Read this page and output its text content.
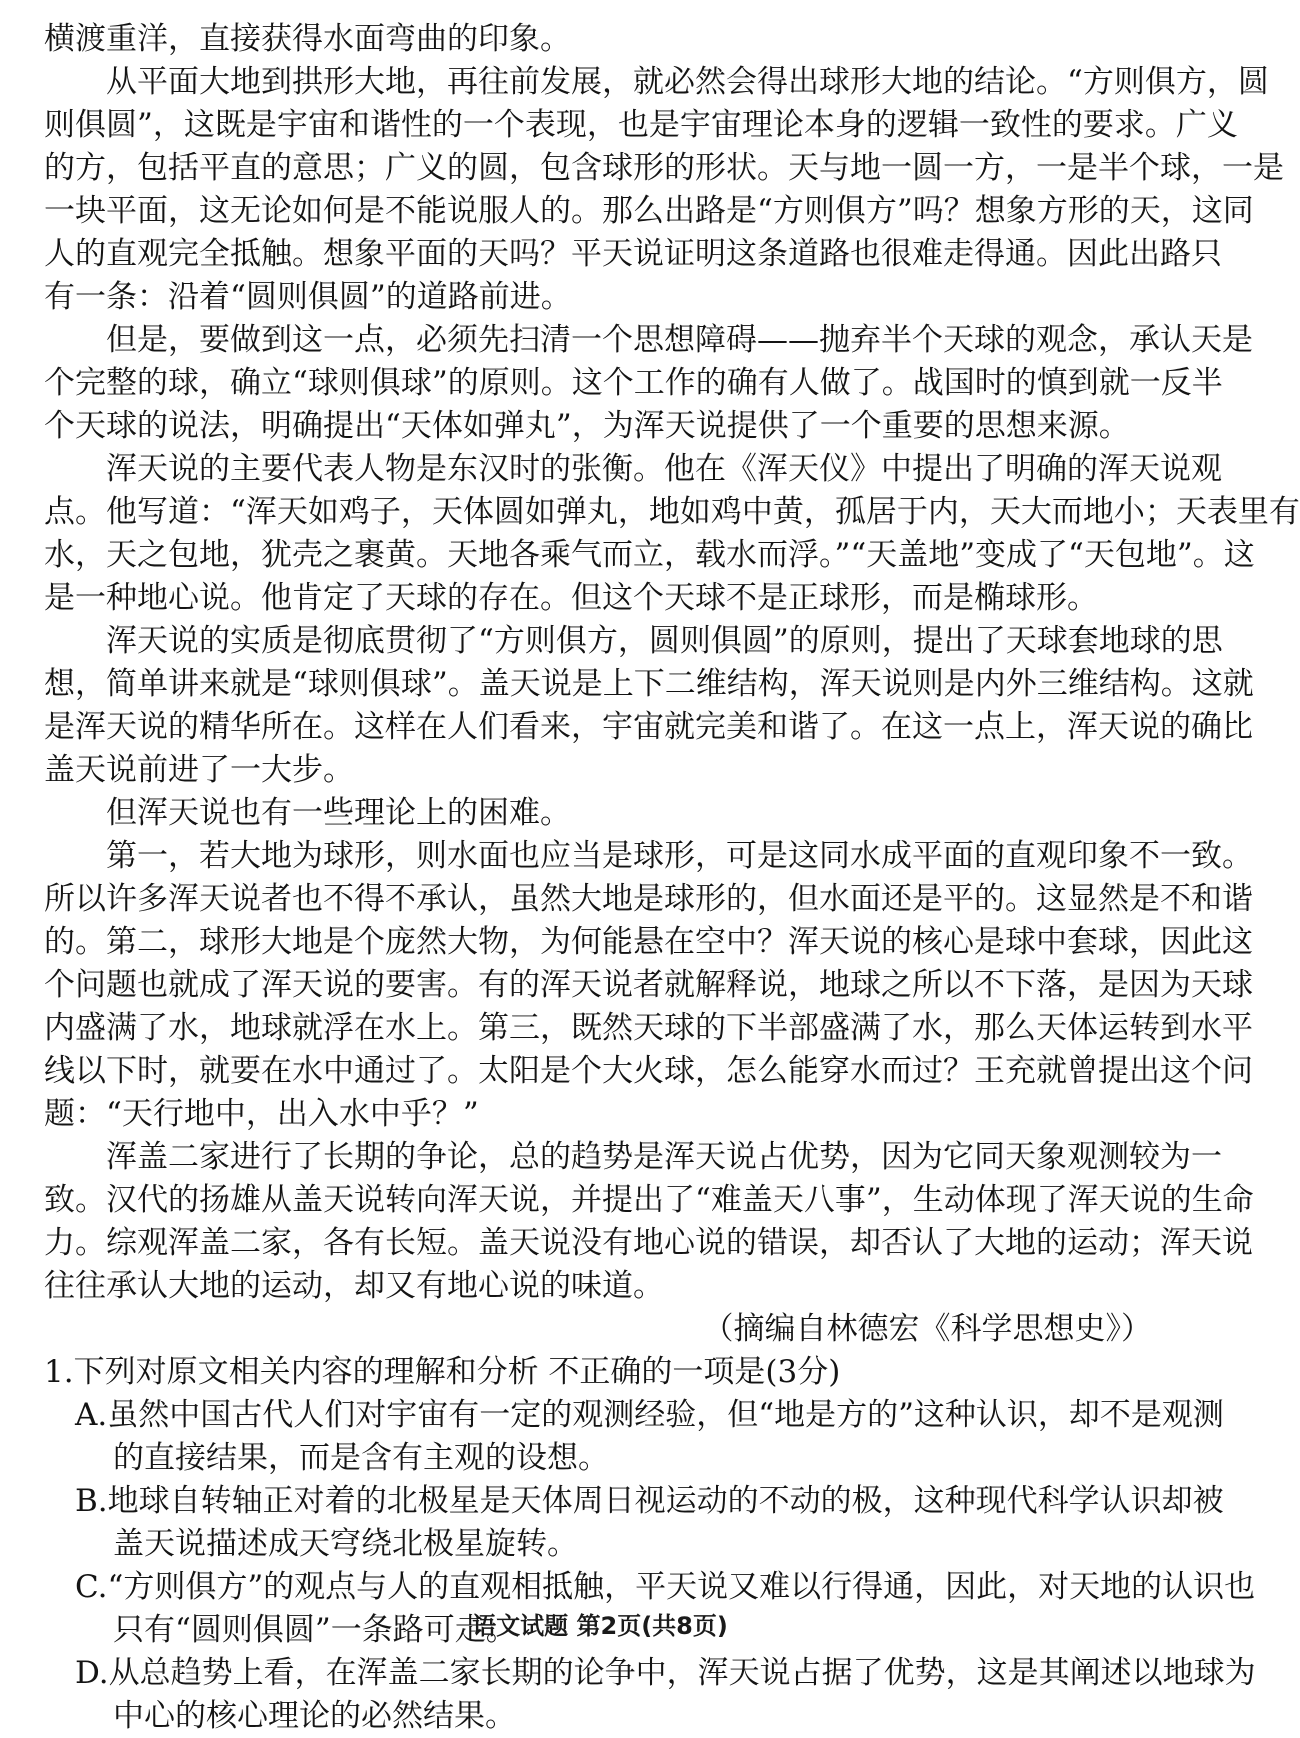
横渡重洋，直接获得水面弯曲的印象。
从平面大地到拱形大地，再往前发展，就必然会得出球形大地的结论。“方则俱方，圆
则俱圆”，这既是宇宙和谐性的一个表现，也是宇宙理论本身的逻辑一致性的要求。广义
的方，包括平直的意思；广义的圆，包含球形的形状。天与地一圆一方，一是半个球，一是
一块平面，这无论如何是不能说服人的。那么出路是“方则俱方”吗？想象方形的天，这同
人的直观完全抵触。想象平面的天吗？平天说证明这条道路也很难走得通。因此出路只
有一条：沿着“圆则俱圆”的道路前进。
但是，要做到这一点，必须先扫清一个思想障碍——抛弃半个天球的观念，承认天是
个完整的球，确立“球则俱球”的原则。这个工作的确有人做了。战国时的慎到就一反半
个天球的说法，明确提出“天体如弹丸”，为浑天说提供了一个重要的思想来源。
浑天说的主要代表人物是东汉时的张衡。他在《浑天仪》中提出了明确的浑天说观
点。他写道：“浑天如鸡子，天体圆如弹丸，地如鸡中黄，孤居于内，天大而地小；天表里有
水，天之包地，犹壳之裹黄。天地各乘气而立，载水而浮。”“天盖地”变成了“天包地”。这
是一种地心说。他肯定了天球的存在。但这个天球不是正球形，而是椭球形。
浑天说的实质是彻底贯彻了“方则俱方，圆则俱圆”的原则，提出了天球套地球的思
想，简单讲来就是“球则俱球”。盖天说是上下二维结构，浑天说则是内外三维结构。这就
是浑天说的精华所在。这样在人们看来，宇宙就完美和谐了。在这一点上，浑天说的确比
盖天说前进了一大步。
但浑天说也有一些理论上的困难。
第一，若大地为球形，则水面也应当是球形，可是这同水成平面的直观印象不一致。
所以许多浑天说者也不得不承认，虽然大地是球形的，但水面还是平的。这显然是不和谐
的。第二，球形大地是个庞然大物，为何能悬在空中？浑天说的核心是球中套球，因此这
个问题也就成了浑天说的要害。有的浑天说者就解释说，地球之所以不下落，是因为天球
内盛满了水，地球就浮在水上。第三，既然天球的下半部盛满了水，那么天体运转到水平
线以下时，就要在水中通过了。太阳是个大火球，怎么能穿水而过？王充就曾提出这个问
题：“天行地中，出入水中乎？”
浑盖二家进行了长期的争论，总的趋势是浑天说占优势，因为它同天象观测较为一
致。汉代的扬雄从盖天说转向浑天说，并提出了“难盖天八事”，生动体现了浑天说的生命
力。综观浑盖二家，各有长短。盖天说没有地心说的错误，却否认了大地的运动；浑天说
往往承认大地的运动，却又有地心说的味道。
（摘编自林德宏《科学思想史》）
1.下列对原文相关内容的理解和分析 不正确的一项是(3分)
A.虽然中国古代人们对宇宙有一定的观测经验，但“地是方的”这种认识，却不是观测
的直接结果，而是含有主观的设想。
B.地球自转轴正对着的北极星是天体周日视运动的不动的极，这种现代科学认识却被
盖天说描述成天穹绕北极星旋转。
C.“方则俱方”的观点与人的直观相抵触，平天说又难以行得通，因此，对天地的认识也
只有“圆则俱圆”一条路可走。
D.从总趋势上看，在浑盖二家长期的论争中，浑天说占据了优势，这是其阐述以地球为
中心的核心理论的必然结果。
语文试题 第2页(共8页)
